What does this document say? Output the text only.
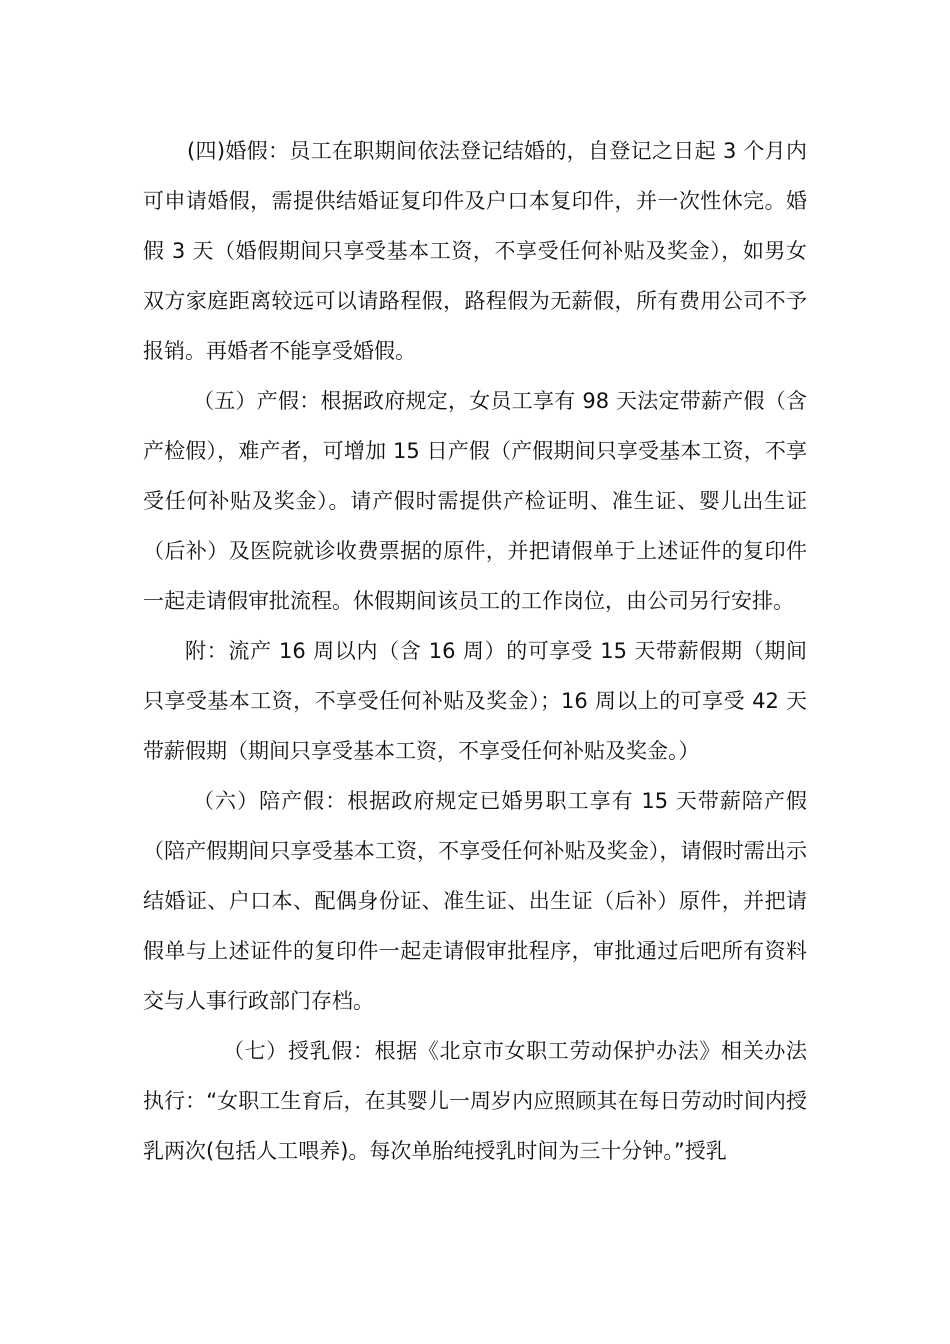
(四)婚假：员工在职期间依法登记结婚的，自登记之日起 3 个月内可申请婚假，需提供结婚证复印件及户口本复印件，并一次性休完。婚假 3 天（婚假期间只享受基本工资，不享受任何补贴及奖金），如男女双方家庭距离较远可以请路程假，路程假为无薪假，所有费用公司不予报销。再婚者不能享受婚假。

（五）产假：根据政府规定，女员工享有 98 天法定带薪产假（含产检假），难产者，可增加 15 日产假（产假期间只享受基本工资，不享受任何补贴及奖金）。请产假时需提供产检证明、准生证、婴儿出生证（后补）及医院就诊收费票据的原件，并把请假单于上述证件的复印件一起走请假审批流程。休假期间该员工的工作岗位，由公司另行安排。

附：流产 16 周以内（含 16 周）的可享受 15 天带薪假期（期间只享受基本工资，不享受任何补贴及奖金）；16 周以上的可享受 42 天带薪假期（期间只享受基本工资，不享受任何补贴及奖金。）

（六）陪产假：根据政府规定已婚男职工享有 15 天带薪陪产假（陪产假期间只享受基本工资，不享受任何补贴及奖金），请假时需出示结婚证、户口本、配偶身份证、准生证、出生证（后补）原件，并把请假单与上述证件的复印件一起走请假审批程序，审批通过后吧所有资料交与人事行政部门存档。

（七）授乳假：根据《北京市女职工劳动保护办法》相关办法执行：“女职工生育后，在其婴儿一周岁内应照顾其在每日劳动时间内授乳两次(包括人工喂养)。每次单胎纯授乳时间为三十分钟。”授乳
